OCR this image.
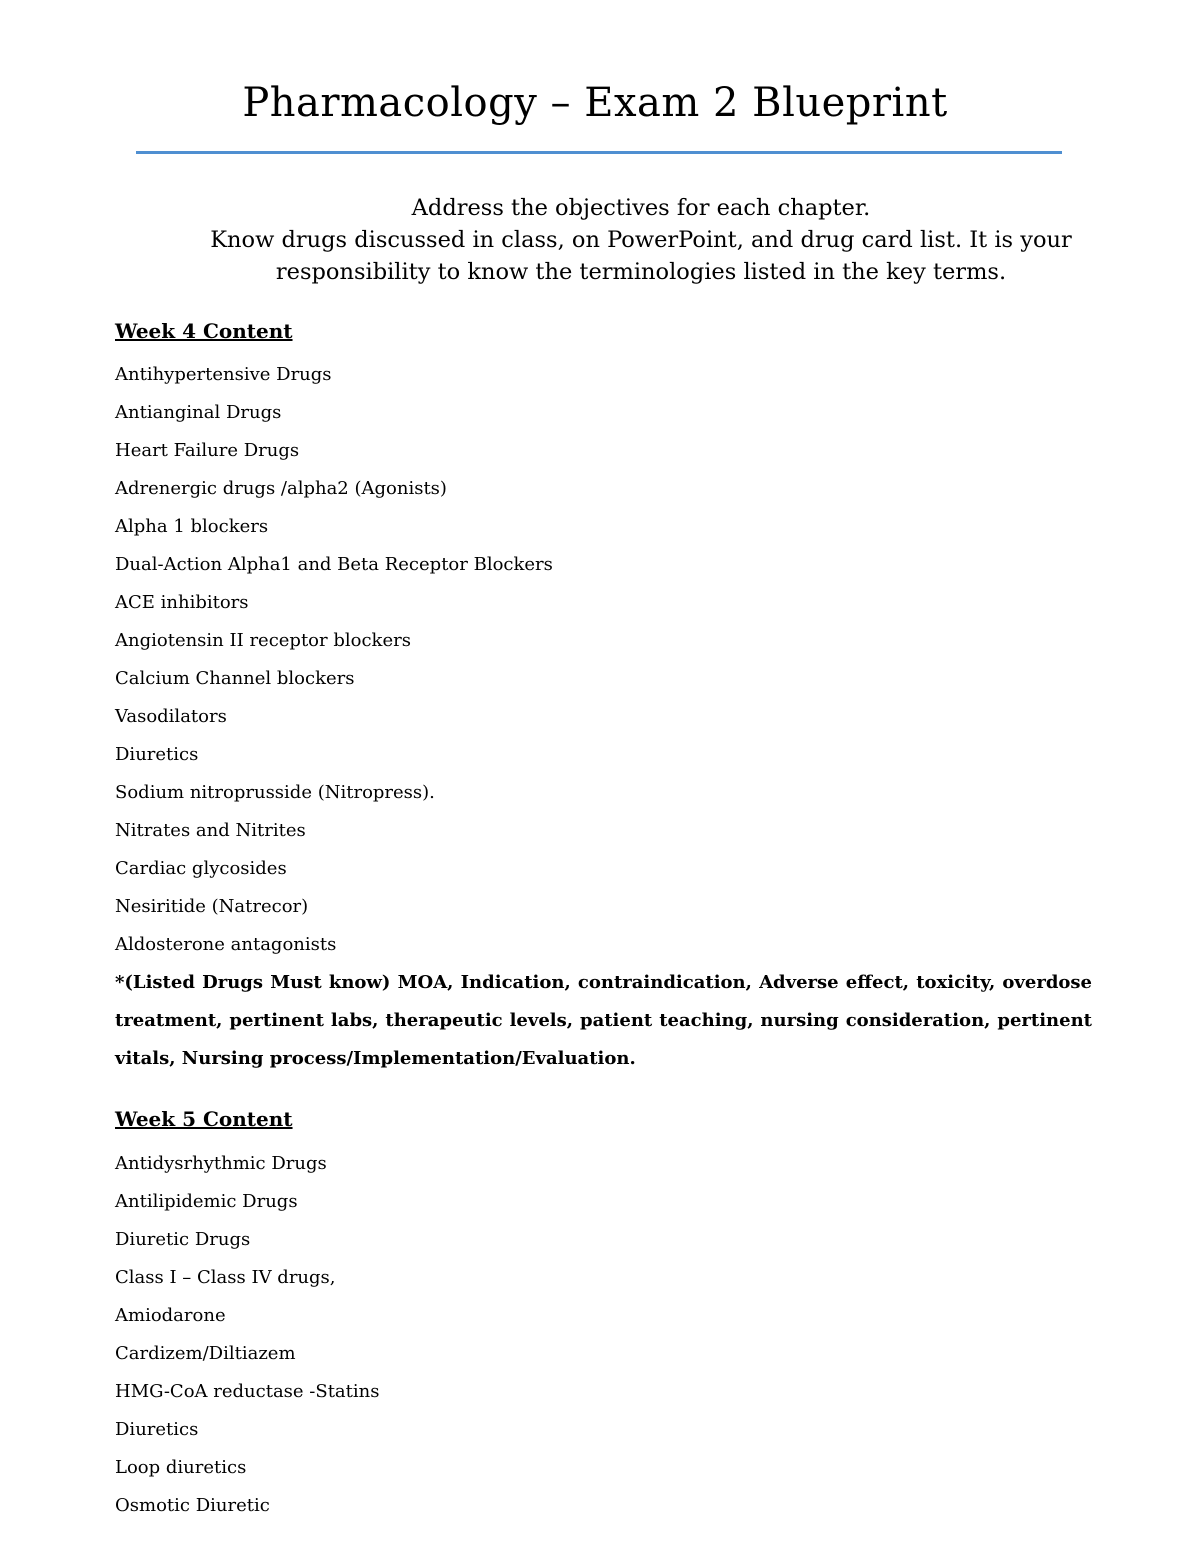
Pharmacology – Exam 2 Blueprint
Address the objectives for each chapter.
Know drugs discussed in class, on PowerPoint, and drug card list. It is your
responsibility to know the terminologies listed in the key terms.
Week 4 Content
Antihypertensive Drugs
Antianginal Drugs
Heart Failure Drugs
Adrenergic drugs /alpha2 (Agonists)
Alpha 1 blockers
Dual-Action Alpha1 and Beta Receptor Blockers
ACE inhibitors
Angiotensin II receptor blockers
Calcium Channel blockers
Vasodilators
Diuretics
Sodium nitroprusside (Nitropress).
Nitrates and Nitrites
Cardiac glycosides
Nesiritide (Natrecor)
Aldosterone antagonists
*(Listed Drugs Must know) MOA, Indication, contraindication, Adverse effect, toxicity, overdose treatment, pertinent labs, therapeutic levels, patient teaching, nursing consideration, pertinent vitals, Nursing process/Implementation/Evaluation.
Week 5 Content
Antidysrhythmic Drugs
Antilipidemic Drugs
Diuretic Drugs
Class I – Class IV drugs,
Amiodarone
Cardizem/Diltiazem
HMG-CoA reductase -Statins
Diuretics
Loop diuretics
Osmotic Diuretic
